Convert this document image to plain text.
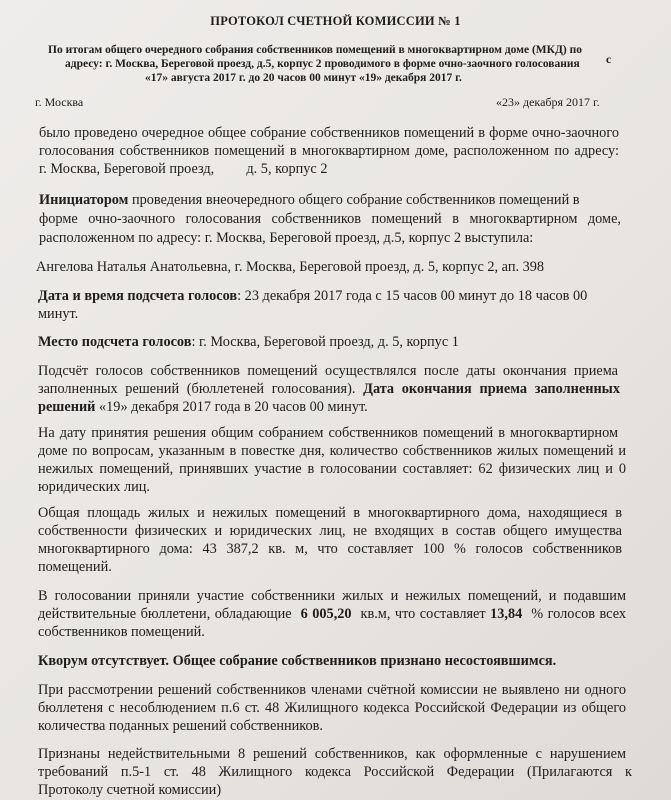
ПРОТОКОЛ СЧЕТНОЙ КОМИССИИ № 1
По итогам общего очередного собрания собственников помещений в многоквартирном доме (МКД) по
адресу: г. Москва, Береговой проезд, д.5, корпус 2 проводимого в форме очно-заочного голосования с
«17» августа 2017 г. до 20 часов 00 минут «19» декабря 2017 г.
г. Москва	«23» декабря 2017 г.
было проведено очередное общее собрание собственников помещений в форме очно-заочного
голосования собственников помещений в многоквартирном доме, расположенном по адресу:
г. Москва, Береговой проезд,         д. 5, корпус 2
Инициатором проведения внеочередного общего собрание собственников помещений в
форме очно-заочного голосования собственников помещений в многоквартирном доме,
расположенном по адресу: г. Москва, Береговой проезд, д.5, корпус 2 выступила:
Ангелова Наталья Анатольевна, г. Москва, Береговой проезд, д. 5, корпус 2, ап. 398
Дата и время подсчета голосов: 23 декабря 2017 года с 15 часов 00 минут до 18 часов 00
минут.
Место подсчета голосов: г. Москва, Береговой проезд, д. 5, корпус 1
Подсчёт голосов собственников помещений осуществлялся после даты окончания приема
заполненных решений (бюллетеней голосования). Дата окончания приема заполненных
решений «19» декабря 2017 года в 20 часов 00 минут.
На дату принятия решения общим собранием собственников помещений в многоквартирном
доме по вопросам, указанным в повестке дня, количество собственников жилых помещений и
нежилых помещений, принявших участие в голосовании составляет: 62 физических лиц и 0
юридических лиц.
Общая площадь жилых и нежилых помещений в многоквартирного дома, находящиеся в
собственности физических и юридических лиц, не входящих в состав общего имущества
многоквартирного дома: 43 387,2 кв. м, что составляет 100 % голосов собственников
помещений.
В голосовании приняли участие собственники жилых и нежилых помещений, и подавшим
действительные бюллетени, обладающие  6 005,20  кв.м, что составляет 13,84  % голосов всех
собственников помещений.
Кворум отсутствует. Общее собрание собственников признано несостоявшимся.
При рассмотрении решений собственников членами счётной комиссии не выявлено ни одного
бюллетеня с несоблюдением п.6 ст. 48 Жилищного кодекса Российской Федерации из общего
количества поданных решений собственников.
Признаны недействительными 8 решений собственников, как оформленные с нарушением
требований п.5-1 ст. 48 Жилищного кодекса Российской Федерации (Прилагаются к
Протоколу счетной комиссии)
